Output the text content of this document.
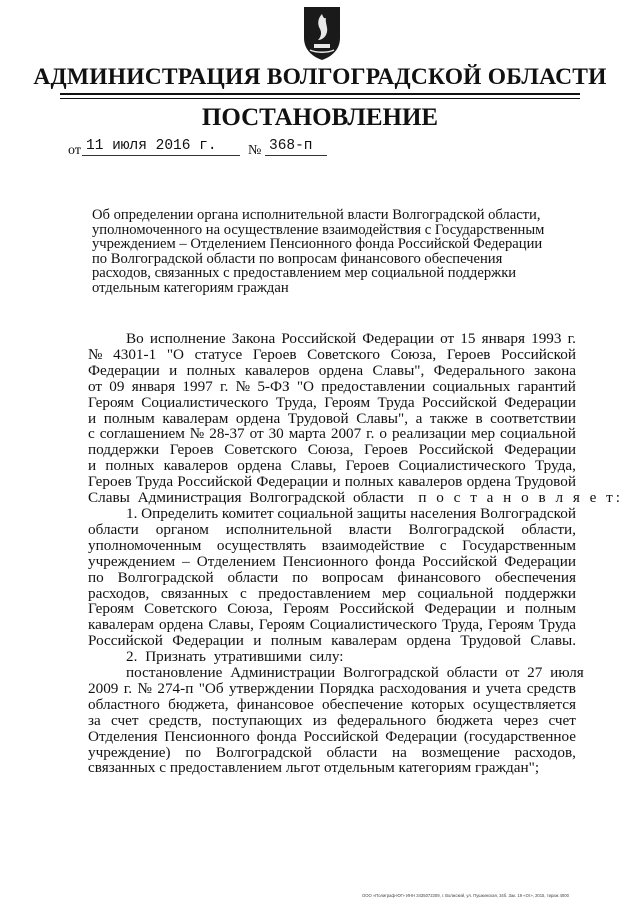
АДМИНИСТРАЦИЯ ВОЛГОГРАДСКОЙ ОБЛАСТИ
ПОСТАНОВЛЕНИЕ
от 11 июля 2016 г.	№ 368-п
Об определении органа исполнительной власти Волгоградской области,
уполномоченного на осуществление взаимодействия с Государственным
учреждением – Отделением Пенсионного фонда Российской Федерации
по Волгоградской области по вопросам финансового обеспечения
расходов, связанных с предоставлением мер социальной поддержки
отдельным категориям граждан
Во исполнение Закона Российской Федерации от 15 января 1993 г.
№ 4301-1 "О статусе Героев Советского Союза, Героев Российской
Федерации и полных кавалеров ордена Славы", Федерального закона
от 09 января 1997 г. № 5-ФЗ "О предоставлении социальных гарантий
Героям Социалистического Труда, Героям Труда Российской Федерации
и полным кавалерам ордена Трудовой Славы", а также в соответствии
с соглашением № 28-37 от 30 марта 2007 г. о реализации мер социальной
поддержки Героев Советского Союза, Героев Российской Федерации
и полных кавалеров ордена Славы, Героев Социалистического Труда,
Героев Труда Российской Федерации и полных кавалеров ордена Трудовой
Славы Администрация Волгоградской области п о с т а н о в л я е т:
1. Определить комитет социальной защиты населения Волгоградской
области органом исполнительной власти Волгоградской области,
уполномоченным осуществлять взаимодействие с Государственным
учреждением – Отделением Пенсионного фонда Российской Федерации
по Волгоградской области по вопросам финансового обеспечения
расходов, связанных с предоставлением мер социальной поддержки
Героям Советского Союза, Героям Российской Федерации и полным
кавалерам ордена Славы, Героям Социалистического Труда, Героям Труда
Российской Федерации и полным кавалерам ордена Трудовой Славы.
2. Признать утратившими силу:
постановление Администрации Волгоградской области от 27 июля
2009 г. № 274-п "Об утверждении Порядка расходования и учета средств
областного бюджета, финансовое обеспечение которых осуществляется
за счет средств, поступающих из федерального бюджета через счет
Отделения Пенсионного фонда Российской Федерации (государственное
учреждение) по Волгоградской области на возмещение расходов,
связанных с предоставлением льгот отдельным категориям граждан";
ООО «Полиграф-ЮГ» ИНН 3435072309, г. Волжский, ул. Пушкинская, 34б. Зак. 19 «Ог», 2015, тираж 4000
